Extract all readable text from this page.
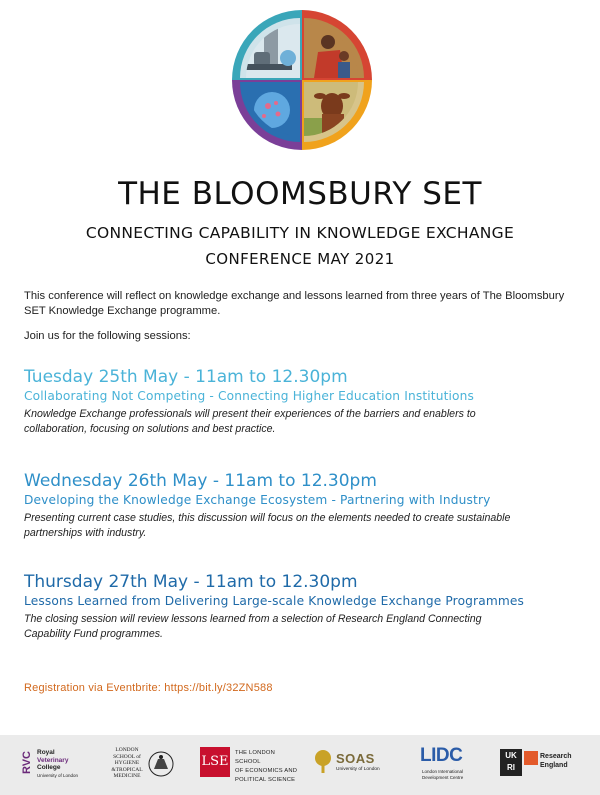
THE BLOOMSBURY SET
CONNECTING CAPABILITY IN KNOWLEDGE EXCHANGE
CONFERENCE MAY 2021
This conference will reflect on knowledge exchange and lessons learned from three years of The Bloomsbury SET Knowledge Exchange programme.
Join us for the following sessions:
Tuesday 25th May - 11am to 12.30pm
Collaborating Not Competing - Connecting Higher Education Institutions
Knowledge Exchange professionals will present their experiences of the barriers and enablers to collaboration, focusing on solutions and best practice.
Wednesday 26th May - 11am to 12.30pm
Developing the Knowledge Exchange Ecosystem - Partnering with Industry
Presenting current case studies, this discussion will focus on the elements needed to create sustainable partnerships with industry.
Thursday 27th May - 11am to 12.30pm
Lessons Learned from Delivering Large-scale Knowledge Exchange Programmes
The closing session will review lessons learned from a selection of Research England Connecting Capability Fund programmes.
Registration via Eventbrite: https://bit.ly/32ZN588
RVC Royal
Veterinary
College
University of London
LONDON
SCHOOL of
HYGIENE
&TROPICAL
MEDICINE
LSE
THE LONDON SCHOOL
OF ECONOMICS AND
POLITICAL SCIENCE
SOAS
University of London
LIDC
London International
Development Centre
UK
RI
Research
England
